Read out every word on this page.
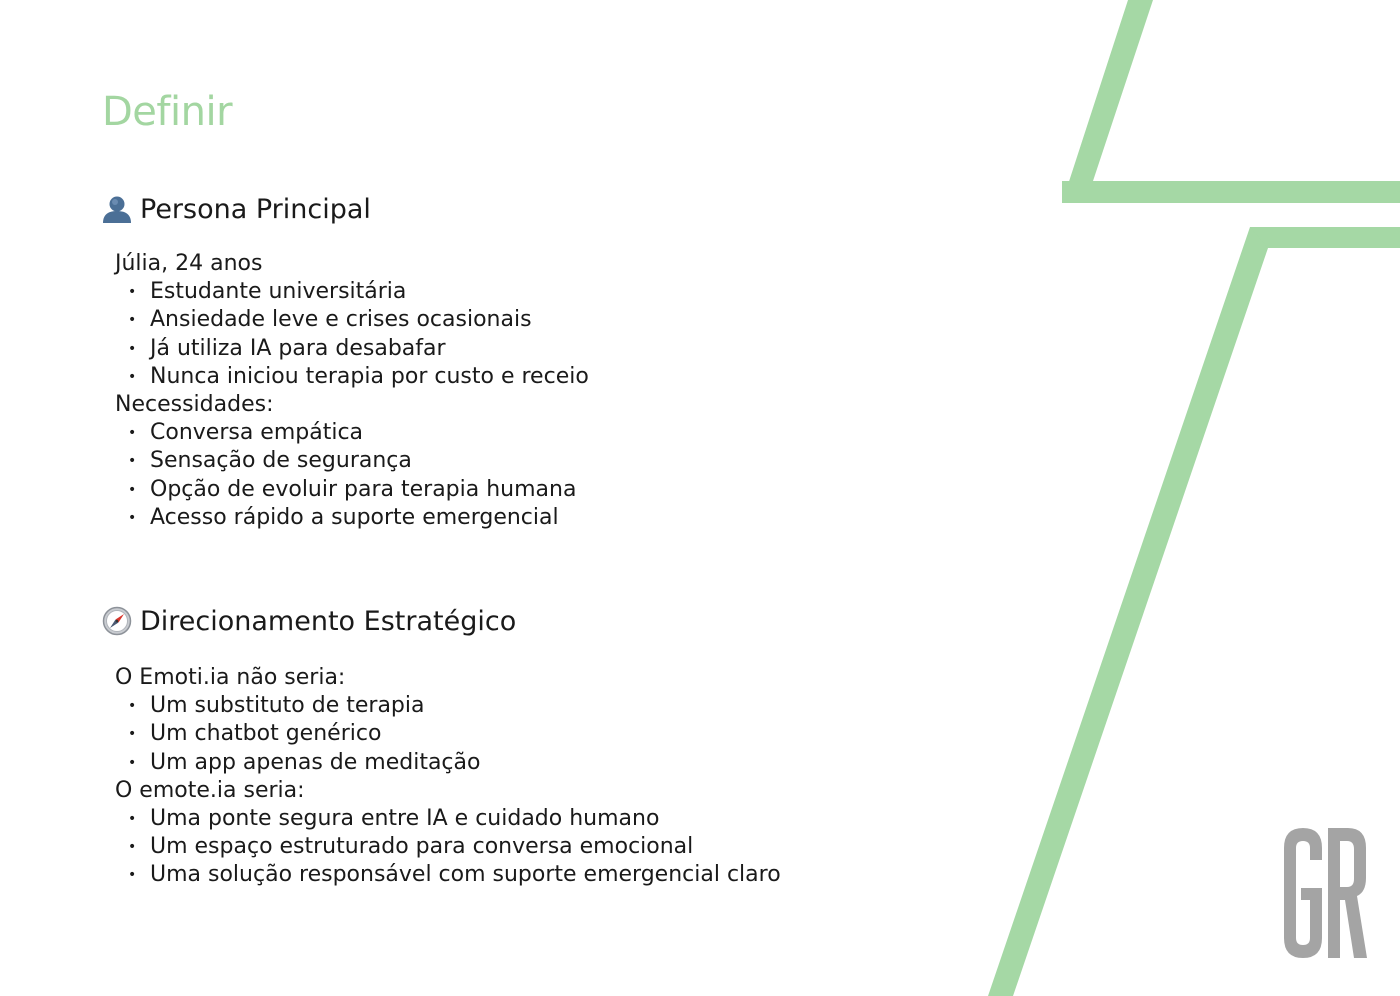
Definir
Persona Principal

Júlia, 24 anos

• Estudante universitária
• Ansiedade leve e crises ocasionais
• Já utiliza IA para desabafar
• Nunca iniciou terapia por custo e receio

Necessidades:

• Conversa empática
• Sensação de segurança
• Opção de evoluir para terapia humana
• Acesso rápido a suporte emergencial
Direcionamento Estratégico

O Emoti.ia não seria:

• Um substituto de terapia
• Um chatbot genérico
• Um app apenas de meditação

O emote.ia seria:

• Uma ponte segura entre IA e cuidado humano
• Um espaço estruturado para conversa emocional
• Uma solução responsável com suporte emergencial claro
